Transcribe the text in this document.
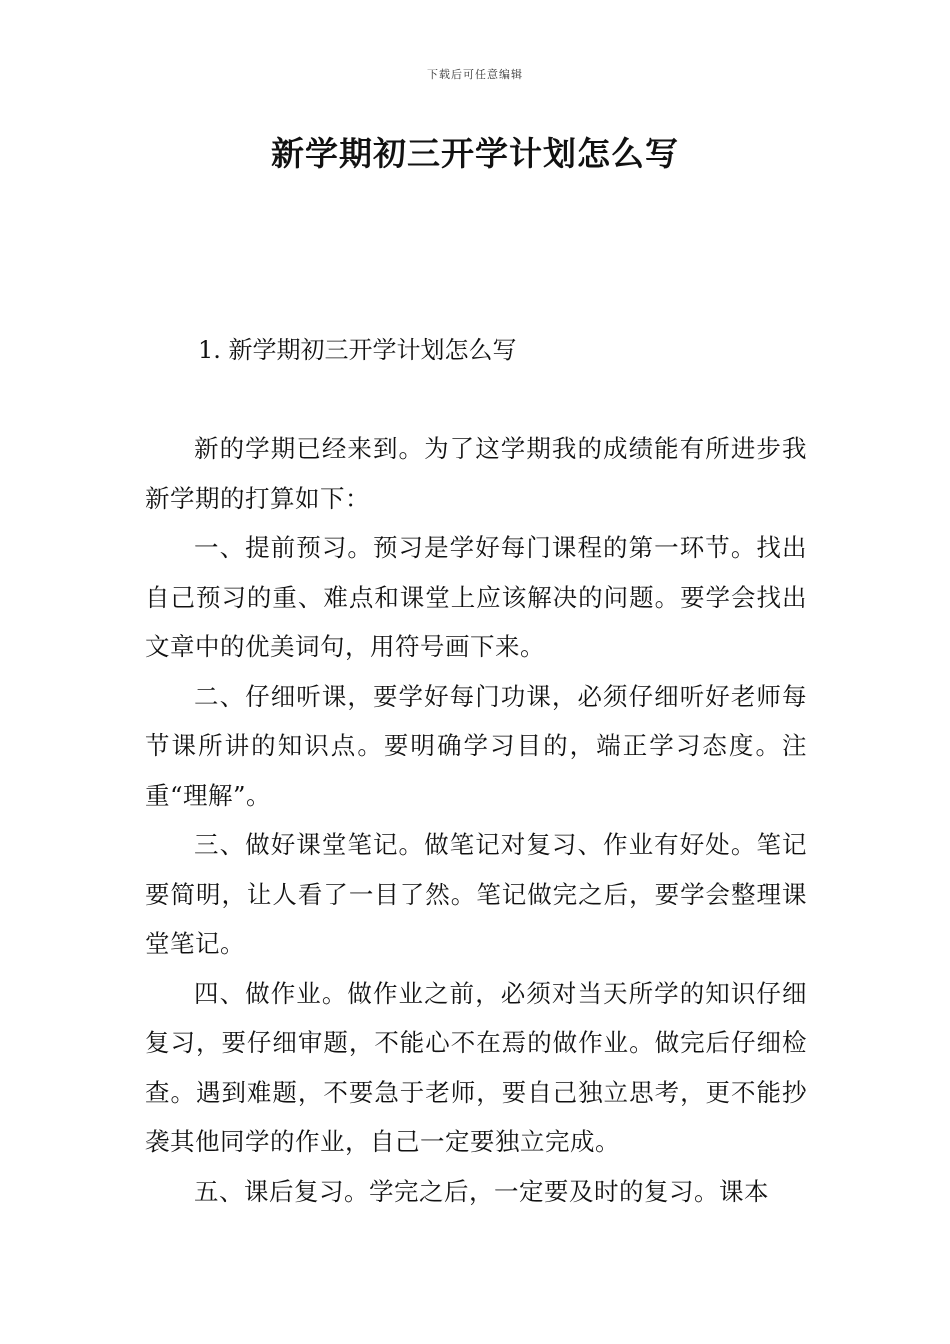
下载后可任意编辑
新学期初三开学计划怎么写
1. 新学期初三开学计划怎么写

新的学期已经来到。为了这学期我的成绩能有所进步我新学期的打算如下：

一、提前预习。预习是学好每门课程的第一环节。找出自己预习的重、难点和课堂上应该解决的问题。要学会找出文章中的优美词句，用符号画下来。

二、仔细听课，要学好每门功课，必须仔细听好老师每节课所讲的知识点。要明确学习目的，端正学习态度。注重“理解”。

三、做好课堂笔记。做笔记对复习、作业有好处。笔记要简明，让人看了一目了然。笔记做完之后，要学会整理课堂笔记。

四、做作业。做作业之前，必须对当天所学的知识仔细复习，要仔细审题，不能心不在焉的做作业。做完后仔细检查。遇到难题，不要急于老师，要自己独立思考，更不能抄袭其他同学的作业，自己一定要独立完成。

五、课后复习。学完之后，一定要及时的复习。课本
